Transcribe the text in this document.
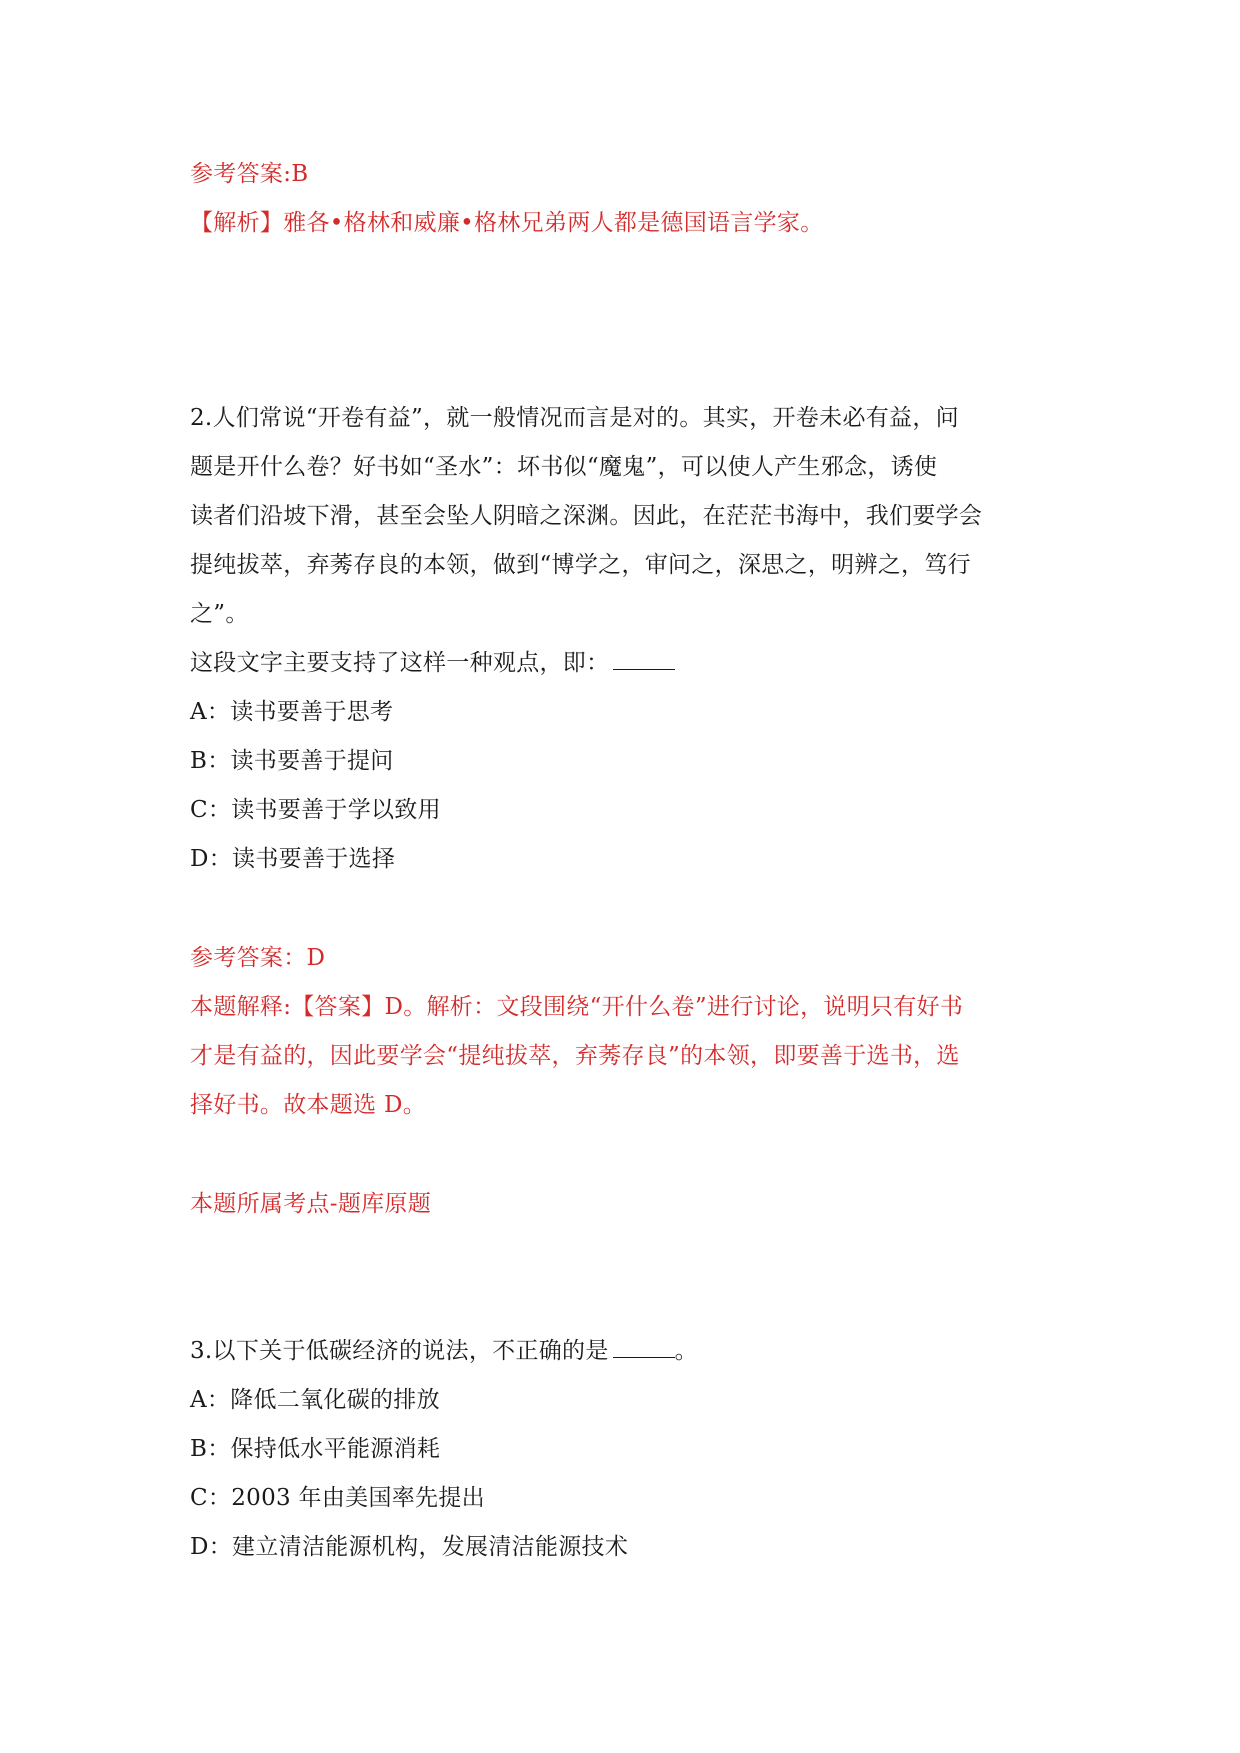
参考答案:B
【解析】雅各•格林和威廉•格林兄弟两人都是德国语言学家。
2.人们常说“开卷有益”，就一般情况而言是对的。其实，开卷未必有益，问
题是开什么卷？好书如“圣水”：坏书似“魔鬼”，可以使人产生邪念，诱使
读者们沿坡下滑，甚至会坠人阴暗之深渊。因此，在茫茫书海中，我们要学会
提纯拔萃，弃莠存良的本领，做到“博学之，审问之，深思之，明辨之，笃行
之”。
这段文字主要支持了这样一种观点，即：
A：读书要善于思考
B：读书要善于提问
C：读书要善于学以致用
D：读书要善于选择
参考答案：D
本题解释:【答案】D。解析：文段围绕“开什么卷”进行讨论，说明只有好书
才是有益的，因此要学会“提纯拔萃，弃莠存良”的本领，即要善于选书，选
择好书。故本题选 D。
本题所属考点-题库原题
3.以下关于低碳经济的说法，不正确的是	。
A：降低二氧化碳的排放
B：保持低水平能源消耗
C：2003 年由美国率先提出
D：建立清洁能源机构，发展清洁能源技术
